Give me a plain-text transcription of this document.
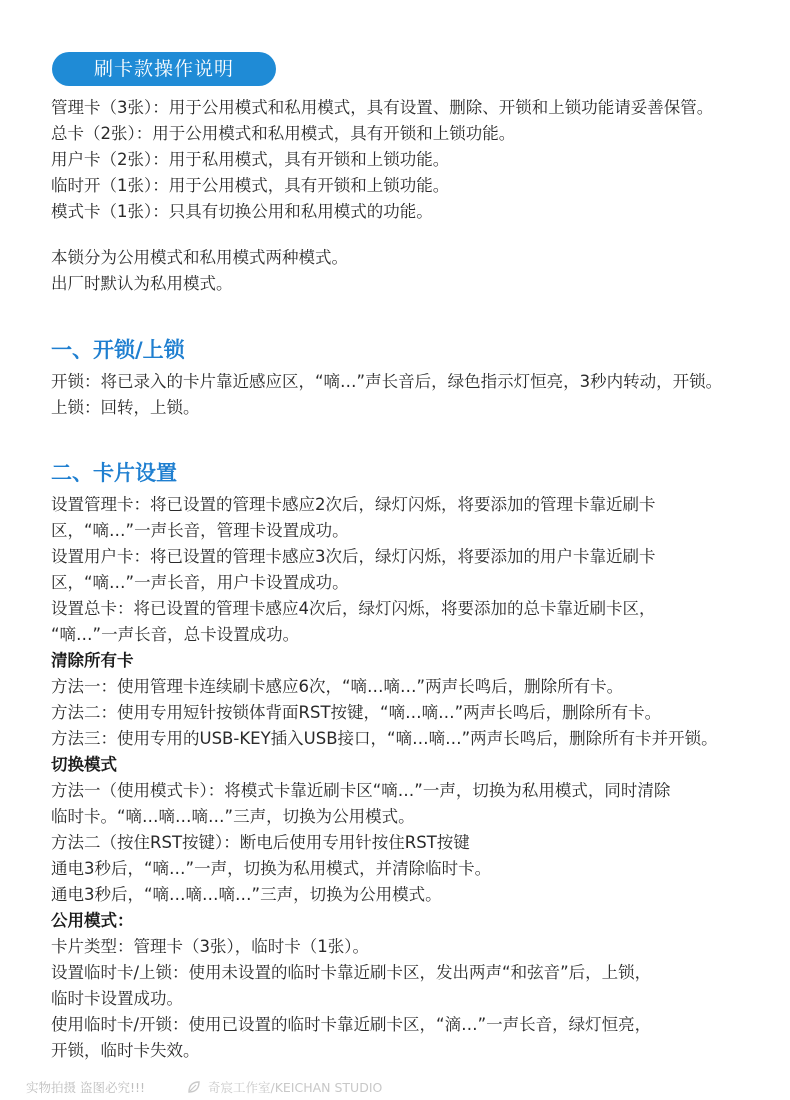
刷卡款操作说明
管理卡（3张）：用于公用模式和私用模式，具有设置、删除、开锁和上锁功能请妥善保管。
总卡（2张）：用于公用模式和私用模式，具有开锁和上锁功能。
用户卡（2张）：用于私用模式，具有开锁和上锁功能。
临时开（1张）：用于公用模式，具有开锁和上锁功能。
模式卡（1张）：只具有切换公用和私用模式的功能。
本锁分为公用模式和私用模式两种模式。
出厂时默认为私用模式。
一、开锁/上锁
开锁：将已录入的卡片靠近感应区，“嘀…”声长音后，绿色指示灯恒亮，3秒内转动，开锁。
上锁：回转，上锁。
二、卡片设置
设置管理卡：将已设置的管理卡感应2次后，绿灯闪烁，将要添加的管理卡靠近刷卡
区，“嘀…”一声长音，管理卡设置成功。
设置用户卡：将已设置的管理卡感应3次后，绿灯闪烁，将要添加的用户卡靠近刷卡
区，“嘀…”一声长音，用户卡设置成功。
设置总卡：将已设置的管理卡感应4次后，绿灯闪烁，将要添加的总卡靠近刷卡区，
“嘀…”一声长音，总卡设置成功。
清除所有卡
方法一：使用管理卡连续刷卡感应6次，“嘀…嘀…”两声长鸣后，删除所有卡。
方法二：使用专用短针按锁体背面RST按键，“嘀…嘀…”两声长鸣后，删除所有卡。
方法三：使用专用的USB-KEY插入USB接口，“嘀…嘀…”两声长鸣后，删除所有卡并开锁。
切换模式
方法一（使用模式卡）：将模式卡靠近刷卡区“嘀…”一声，切换为私用模式，同时清除
临时卡。“嘀…嘀…嘀…”三声，切换为公用模式。
方法二（按住RST按键）：断电后使用专用针按住RST按键
通电3秒后，“嘀…”一声，切换为私用模式，并清除临时卡。
通电3秒后，“嘀…嘀…嘀…”三声，切换为公用模式。
公用模式：
卡片类型：管理卡（3张），临时卡（1张）。
设置临时卡/上锁：使用未设置的临时卡靠近刷卡区，发出两声“和弦音”后，上锁，
临时卡设置成功。
使用临时卡/开锁：使用已设置的临时卡靠近刷卡区，“滴…”一声长音，绿灯恒亮，
开锁，临时卡失效。
实物拍摄 盗图必究!!!	奇宸工作室/KEICHAN STUDIO
